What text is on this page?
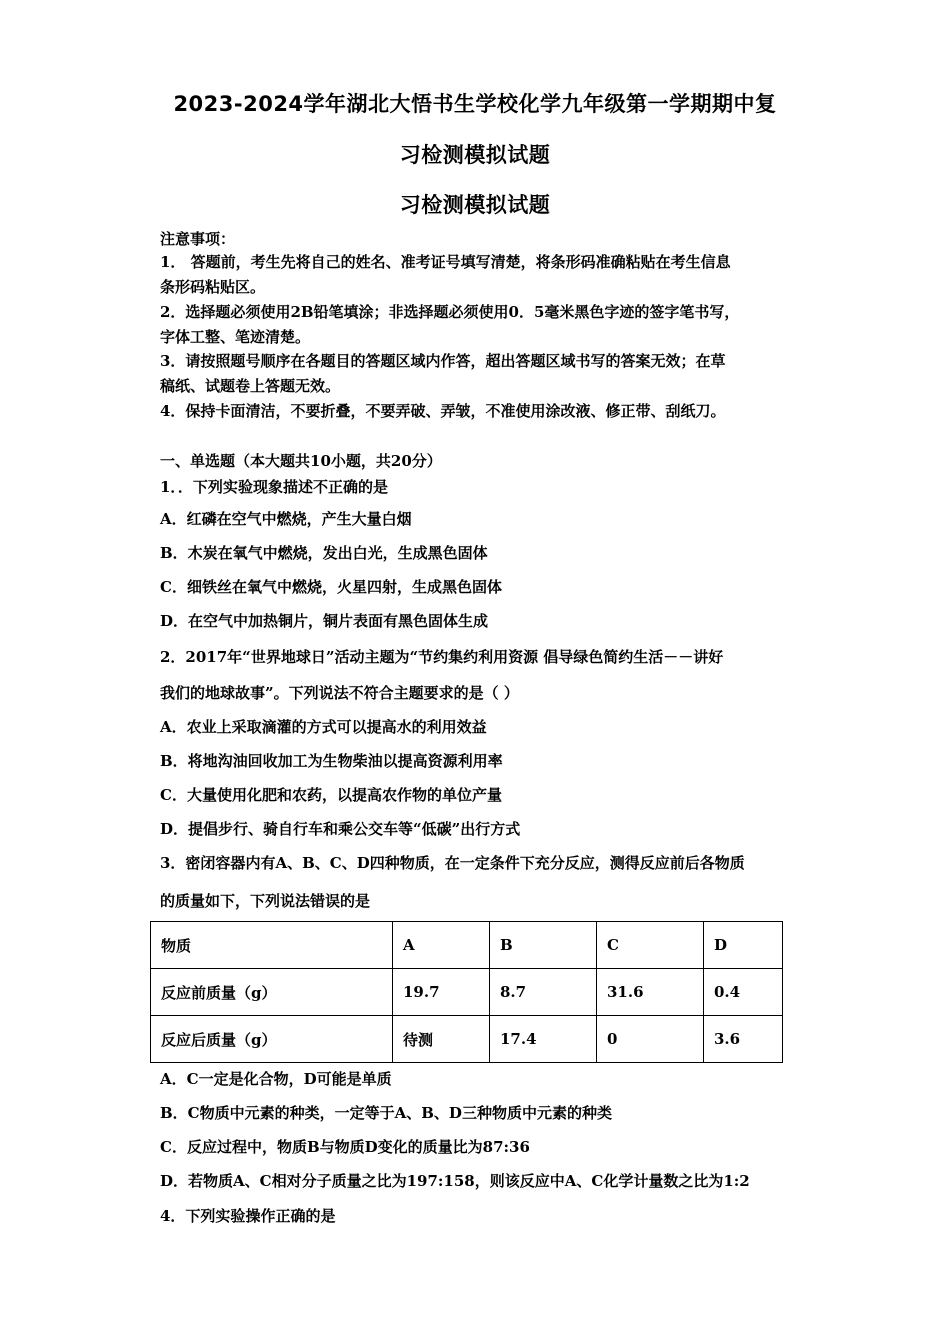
2023-2024学年湖北大悟书生学校化学九年级第一学期期中复
习检测模拟试题
习检测模拟试题
注意事项：
1． 答题前，考生先将自己的姓名、准考证号填写清楚，将条形码准确粘贴在考生信息
条形码粘贴区。
2．选择题必须使用2B铅笔填涂；非选择题必须使用0．5毫米黑色字迹的签字笔书写，
字体工整、笔迹清楚。
3．请按照题号顺序在各题目的答题区域内作答，超出答题区域书写的答案无效；在草
稿纸、试题卷上答题无效。
4．保持卡面清洁，不要折叠，不要弄破、弄皱，不准使用涂改液、修正带、刮纸刀。
一、单选题（本大题共10小题，共20分）
1．．下列实验现象描述不正确的是
A．红磷在空气中燃烧，产生大量白烟
B．木炭在氧气中燃烧，发出白光，生成黑色固体
C．细铁丝在氧气中燃烧，火星四射，生成黑色固体
D．在空气中加热铜片，铜片表面有黑色固体生成
2．2017年“世界地球日”活动主题为“节约集约利用资源 倡导绿色简约生活－－讲好
我们的地球故事”。下列说法不符合主题要求的是（ ）
A．农业上采取滴灌的方式可以提高水的利用效益
B．将地沟油回收加工为生物柴油以提高资源利用率
C．大量使用化肥和农药，以提高农作物的单位产量
D．提倡步行、骑自行车和乘公交车等“低碳”出行方式
3．密闭容器内有A、B、C、D四种物质，在一定条件下充分反应，测得反应前后各物质
的质量如下，下列说法错误的是
物质	A	B	C	D
反应前质量（g）	19.7	8.7	31.6	0.4
反应后质量（g）	待测	17.4	0	3.6
A．C一定是化合物，D可能是单质
B．C物质中元素的种类，一定等于A、B、D三种物质中元素的种类
C．反应过程中，物质B与物质D变化的质量比为87:36
D．若物质A、C相对分子质量之比为197:158，则该反应中A、C化学计量数之比为1:2
4．下列实验操作正确的是
